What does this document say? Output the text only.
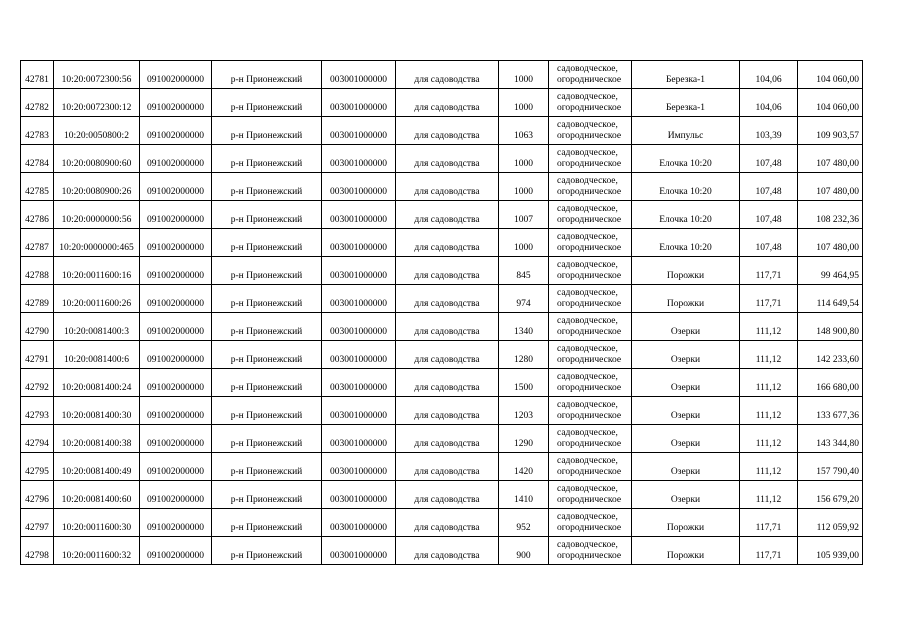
42781	10:20:0072300:56	091002000000	р-н Прионежский	003001000000	для садоводства	1000	садоводческое,
огородническое	Березка-1	104,06	104 060,00
42782	10:20:0072300:12	091002000000	р-н Прионежский	003001000000	для садоводства	1000	садоводческое,
огородническое	Березка-1	104,06	104 060,00
42783	10:20:0050800:2	091002000000	р-н Прионежский	003001000000	для садоводства	1063	садоводческое,
огородническое	Импульс	103,39	109 903,57
42784	10:20:0080900:60	091002000000	р-н Прионежский	003001000000	для садоводства	1000	садоводческое,
огородническое	Елочка 10:20	107,48	107 480,00
42785	10:20:0080900:26	091002000000	р-н Прионежский	003001000000	для садоводства	1000	садоводческое,
огородническое	Елочка 10:20	107,48	107 480,00
42786	10:20:0000000:56	091002000000	р-н Прионежский	003001000000	для садоводства	1007	садоводческое,
огородническое	Елочка 10:20	107,48	108 232,36
42787	10:20:0000000:465	091002000000	р-н Прионежский	003001000000	для садоводства	1000	садоводческое,
огородническое	Елочка 10:20	107,48	107 480,00
42788	10:20:0011600:16	091002000000	р-н Прионежский	003001000000	для садоводства	845	садоводческое,
огородническое	Порожки	117,71	99 464,95
42789	10:20:0011600:26	091002000000	р-н Прионежский	003001000000	для садоводства	974	садоводческое,
огородническое	Порожки	117,71	114 649,54
42790	10:20:0081400:3	091002000000	р-н Прионежский	003001000000	для садоводства	1340	садоводческое,
огородническое	Озерки	111,12	148 900,80
42791	10:20:0081400:6	091002000000	р-н Прионежский	003001000000	для садоводства	1280	садоводческое,
огородническое	Озерки	111,12	142 233,60
42792	10:20:0081400:24	091002000000	р-н Прионежский	003001000000	для садоводства	1500	садоводческое,
огородническое	Озерки	111,12	166 680,00
42793	10:20:0081400:30	091002000000	р-н Прионежский	003001000000	для садоводства	1203	садоводческое,
огородническое	Озерки	111,12	133 677,36
42794	10:20:0081400:38	091002000000	р-н Прионежский	003001000000	для садоводства	1290	садоводческое,
огородническое	Озерки	111,12	143 344,80
42795	10:20:0081400:49	091002000000	р-н Прионежский	003001000000	для садоводства	1420	садоводческое,
огородническое	Озерки	111,12	157 790,40
42796	10:20:0081400:60	091002000000	р-н Прионежский	003001000000	для садоводства	1410	садоводческое,
огородническое	Озерки	111,12	156 679,20
42797	10:20:0011600:30	091002000000	р-н Прионежский	003001000000	для садоводства	952	садоводческое,
огородническое	Порожки	117,71	112 059,92
42798	10:20:0011600:32	091002000000	р-н Прионежский	003001000000	для садоводства	900	садоводческое,
огородническое	Порожки	117,71	105 939,00
